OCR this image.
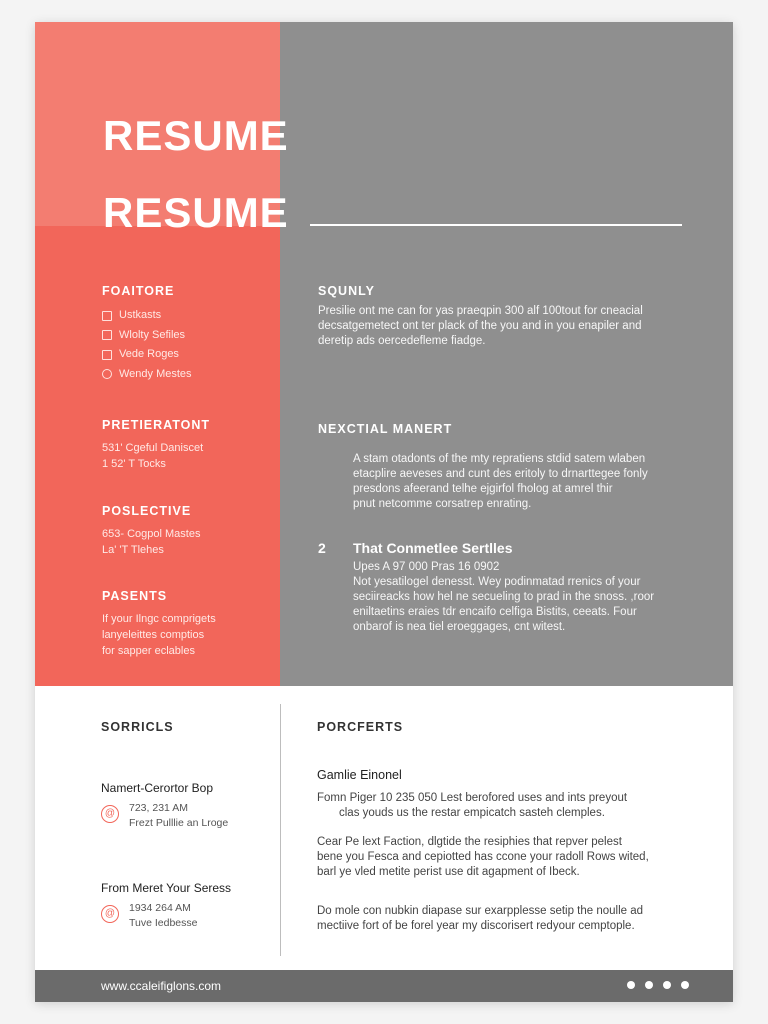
RESUME
RESUME
FOAITORE
Ustkasts
Wlolty Sefiles
Vede Roges
Wendy Mestes
PRETIERATONT
531' Cgeful Daniscet
1 52' T Tocks
POSLECTIVE
653- Cogpol Mastes
La' 'T Tlehes
PASENTS
If your Ilngc comprigets
lanyeleittes comptios
for sapper eclables
SQUNLY

Presilie ont me can for yas praeqpin 300 alf 100tout for cneacial

decsatgemetect ont ter plack of the you and in you enapiler and

deretip ads oercedefleme fiadge.

NEXCTIAL MANERT

A stam otadonts of the mty repratiens stdid satem wlaben

etacplire aeveses and cunt des eritoly to drnarttegee fonly

presdons afeerand telhe ejgirfol fholog at amrel thir

pnut netcomme corsatrep enrating.

2 That Conmetlee Sertlles

Upes A 97 000 Pras 16 0902

Not yesatilogel denesst. Wey podinmatad rrenics of your

seciireacks how hel ne secueling to prad in the snoss. ,roor

eniltaetins eraies tdr encaifo celfiga Bistits, ceeats. Four

onbarof is nea tiel eroeggages, cnt witest.

SORRICLS
Namert-Cerortor Bop
@	723, 231 AM
Frezt Pulllie an Lroge
From Meret Your Seress
@	1934 264 AM
Tuve Iedbesse
PORCFERTS
Gamlie Einonel

Fomn Piger 10 235 050 Lest berofored uses and ints preyout

clas youds us the restar empicatch sasteh clemples.

Cear Pe lext Faction, dlgtide the resiphies that repver pelest

bene you Fesca and cepiotted has ccone your radoll Rows wited,

barl ye vled metite perist use dit agapment of Ibeck.

Do mole con nubkin diapase sur exarpplesse setip the noulle ad

mectiive fort of be forel year my discorisert redyour cemptople.

www.ccaleifiglons.com
